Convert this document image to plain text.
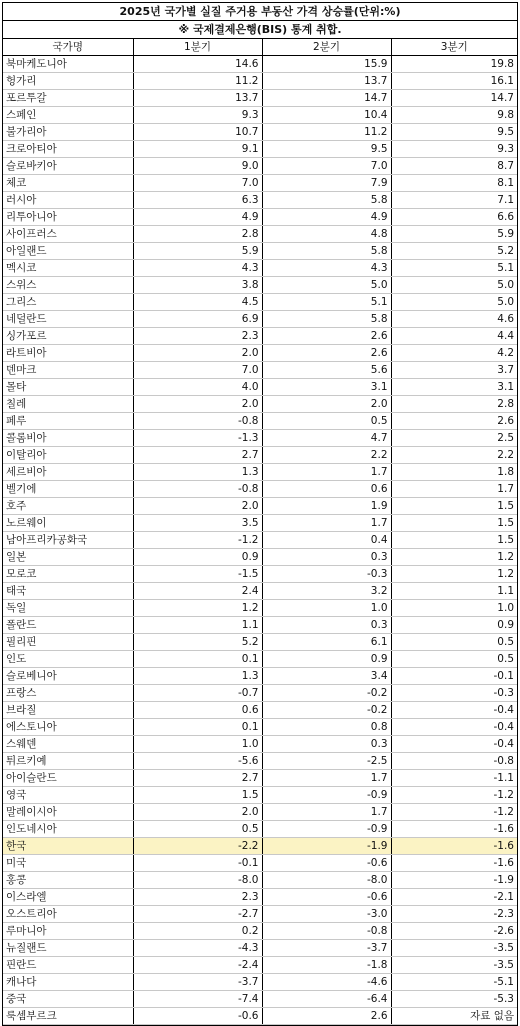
2025년 국가별 실질 주거용 부동산 가격 상승률(단위:%)
※ 국제결제은행(BIS) 통계 취합.
국가명	1분기	2분기	3분기
북마케도니아	14.6	15.9	19.8
헝가리	11.2	13.7	16.1
포르투갈	13.7	14.7	14.7
스페인	9.3	10.4	9.8
불가리아	10.7	11.2	9.5
크로아티아	9.1	9.5	9.3
슬로바키아	9.0	7.0	8.7
체코	7.0	7.9	8.1
러시아	6.3	5.8	7.1
리투아니아	4.9	4.9	6.6
사이프러스	2.8	4.8	5.9
아일랜드	5.9	5.8	5.2
멕시코	4.3	4.3	5.1
스위스	3.8	5.0	5.0
그리스	4.5	5.1	5.0
네덜란드	6.9	5.8	4.6
싱가포르	2.3	2.6	4.4
라트비아	2.0	2.6	4.2
덴마크	7.0	5.6	3.7
몰타	4.0	3.1	3.1
칠레	2.0	2.0	2.8
페루	-0.8	0.5	2.6
콜롬비아	-1.3	4.7	2.5
이탈리아	2.7	2.2	2.2
세르비아	1.3	1.7	1.8
벨기에	-0.8	0.6	1.7
호주	2.0	1.9	1.5
노르웨이	3.5	1.7	1.5
남아프리카공화국	-1.2	0.4	1.5
일본	0.9	0.3	1.2
모로코	-1.5	-0.3	1.2
태국	2.4	3.2	1.1
독일	1.2	1.0	1.0
폴란드	1.1	0.3	0.9
필리핀	5.2	6.1	0.5
인도	0.1	0.9	0.5
슬로베니아	1.3	3.4	-0.1
프랑스	-0.7	-0.2	-0.3
브라질	0.6	-0.2	-0.4
에스토니아	0.1	0.8	-0.4
스웨덴	1.0	0.3	-0.4
튀르키예	-5.6	-2.5	-0.8
아이슬란드	2.7	1.7	-1.1
영국	1.5	-0.9	-1.2
말레이시아	2.0	1.7	-1.2
인도네시아	0.5	-0.9	-1.6
한국	-2.2	-1.9	-1.6
미국	-0.1	-0.6	-1.6
홍콩	-8.0	-8.0	-1.9
이스라엘	2.3	-0.6	-2.1
오스트리아	-2.7	-3.0	-2.3
루마니아	0.2	-0.8	-2.6
뉴질랜드	-4.3	-3.7	-3.5
핀란드	-2.4	-1.8	-3.5
캐나다	-3.7	-4.6	-5.1
중국	-7.4	-6.4	-5.3
룩셈부르크	-0.6	2.6	자료 없음
